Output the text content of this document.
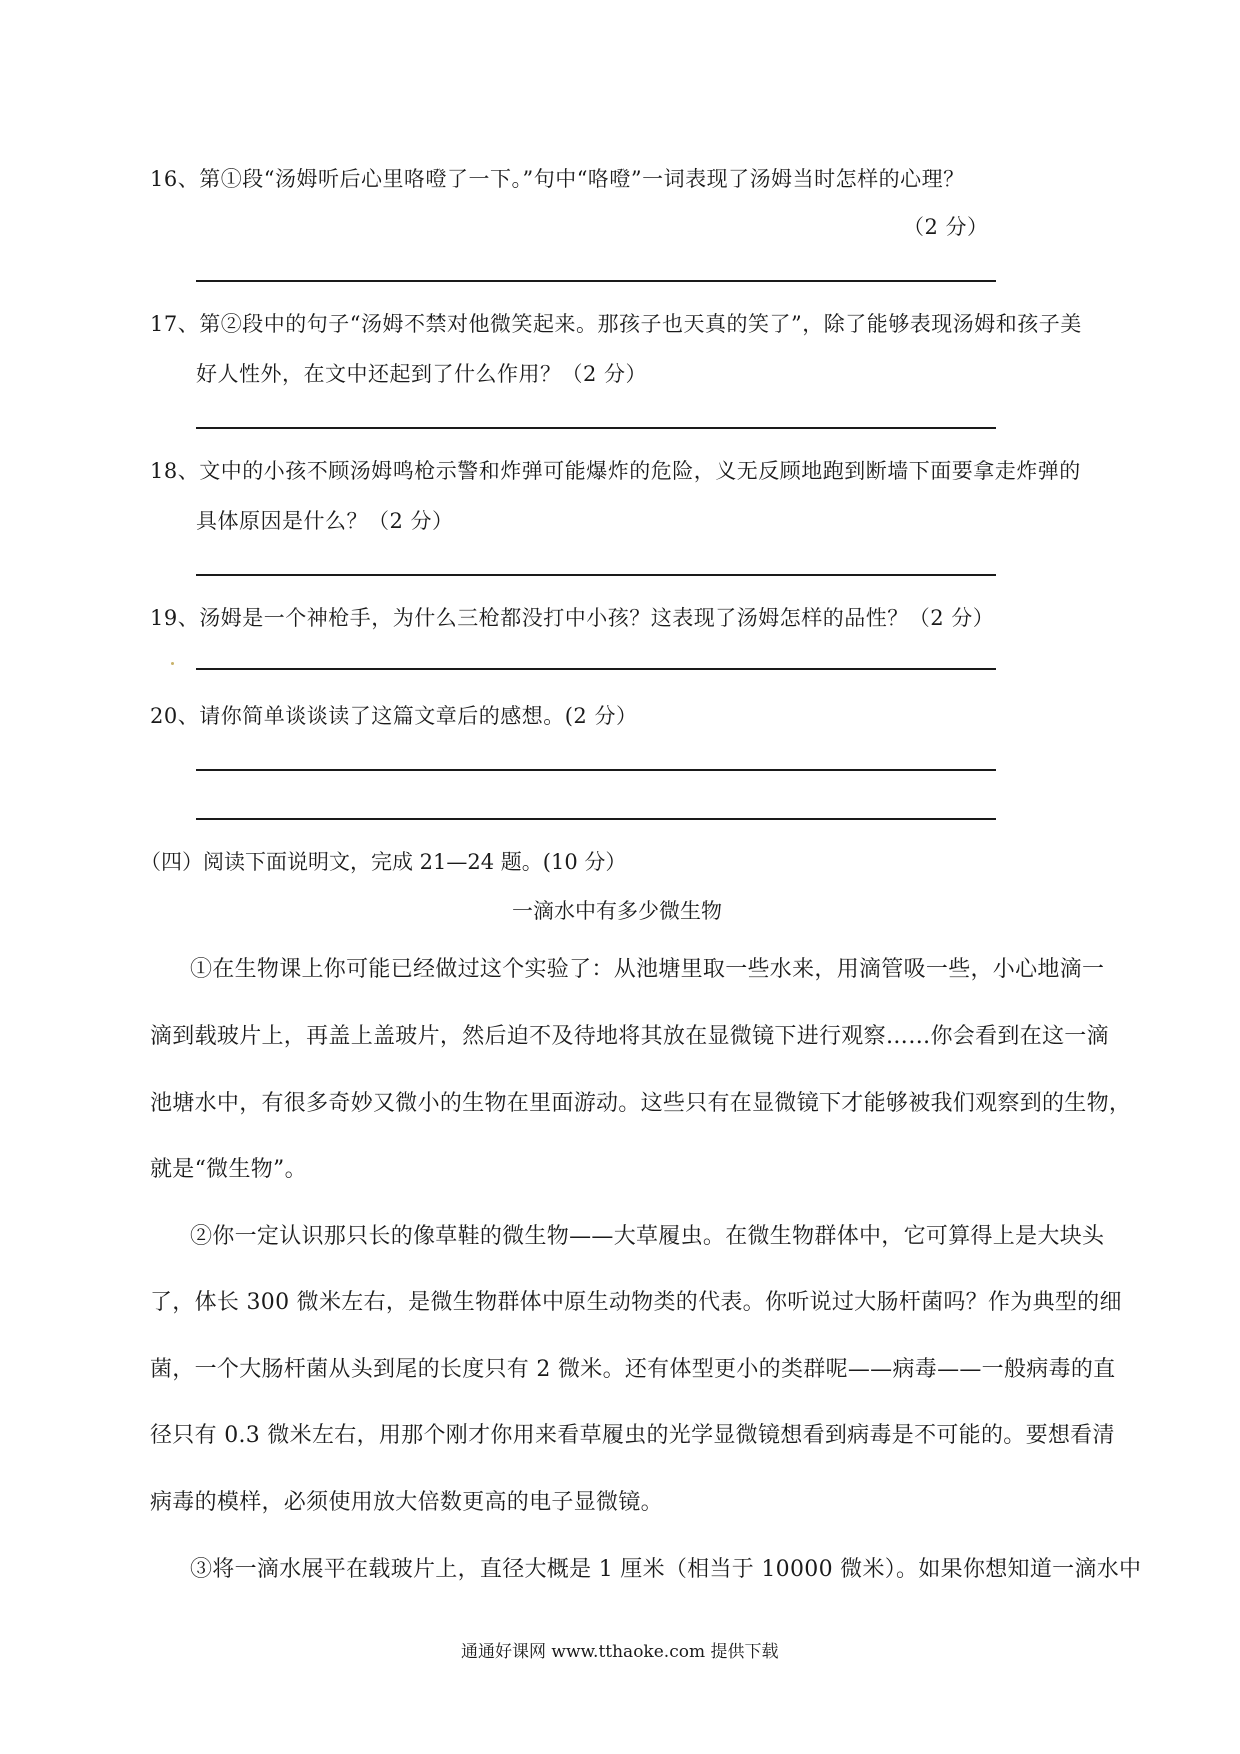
16、第①段“汤姆听后心里咯噔了一下。”句中“咯噔”一词表现了汤姆当时怎样的心理？
（2 分）
17、第②段中的句子“汤姆不禁对他微笑起来。那孩子也天真的笑了”，除了能够表现汤姆和孩子美
好人性外，在文中还起到了什么作用？（2 分）
18、文中的小孩不顾汤姆鸣枪示警和炸弹可能爆炸的危险，义无反顾地跑到断墙下面要拿走炸弹的
具体原因是什么？（2 分）
19、汤姆是一个神枪手，为什么三枪都没打中小孩？这表现了汤姆怎样的品性？（2 分）
20、请你简单谈谈读了这篇文章后的感想。(2 分）
（四）阅读下面说明文，完成 21—24 题。(10 分）
一滴水中有多少微生物
①在生物课上你可能已经做过这个实验了：从池塘里取一些水来，用滴管吸一些，小心地滴一
滴到载玻片上，再盖上盖玻片，然后迫不及待地将其放在显微镜下进行观察……你会看到在这一滴
池塘水中，有很多奇妙又微小的生物在里面游动。这些只有在显微镜下才能够被我们观察到的生物，
就是“微生物”。
②你一定认识那只长的像草鞋的微生物——大草履虫。在微生物群体中，它可算得上是大块头
了，体长 300 微米左右，是微生物群体中原生动物类的代表。你听说过大肠杆菌吗？作为典型的细
菌，一个大肠杆菌从头到尾的长度只有 2 微米。还有体型更小的类群呢——病毒——一般病毒的直
径只有 0.3 微米左右，用那个刚才你用来看草履虫的光学显微镜想看到病毒是不可能的。要想看清
病毒的模样，必须使用放大倍数更高的电子显微镜。
③将一滴水展平在载玻片上，直径大概是 1 厘米（相当于 10000 微米）。如果你想知道一滴水中
通通好课网 www.tthaoke.com 提供下载
